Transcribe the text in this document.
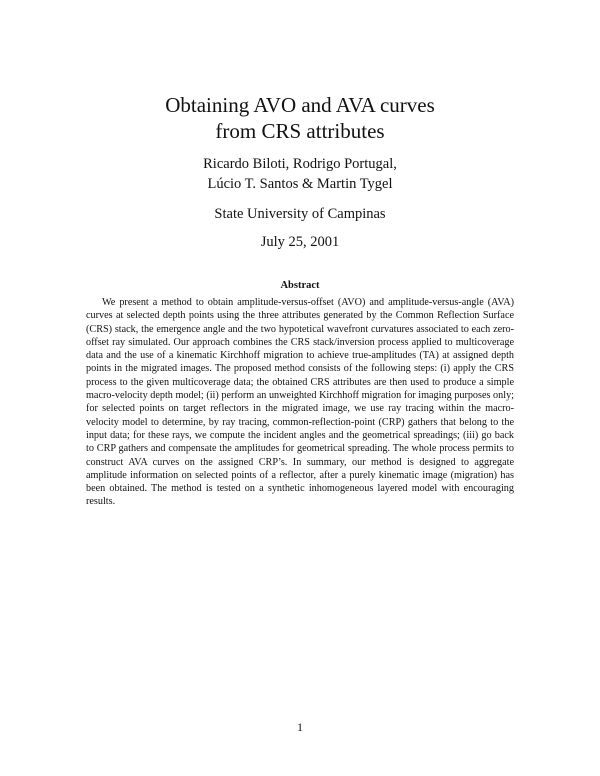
Obtaining AVO and AVA curves
from CRS attributes
Ricardo Biloti, Rodrigo Portugal,
Lúcio T. Santos & Martin Tygel
State University of Campinas
July 25, 2001
Abstract

We present a method to obtain amplitude-versus-offset (AVO) and amplitude-versus-angle (AVA) curves at selected depth points using the three attributes generated by the Common Reflection Surface (CRS) stack, the emergence angle and the two hypotetical wavefront curvatures associated to each zero-offset ray simulated. Our approach combines the CRS stack/inversion process applied to multicoverage data and the use of a kinematic Kirchhoff migration to achieve true-amplitudes (TA) at assigned depth points in the migrated images. The proposed method consists of the following steps: (i) apply the CRS process to the given multicoverage data; the obtained CRS attributes are then used to produce a simple macro-velocity depth model; (ii) perform an unweighted Kirchhoff migration for imaging purposes only; for selected points on target reflectors in the migrated image, we use ray tracing within the macro-velocity model to determine, by ray tracing, common-reflection-point (CRP) gathers that belong to the input data; for these rays, we compute the incident angles and the geometrical spreadings; (iii) go back to CRP gathers and compensate the amplitudes for geometrical spreading. The whole process permits to construct AVA curves on the assigned CRP’s. In summary, our method is designed to aggregate amplitude information on selected points of a reflector, after a purely kinematic image (migration) has been obtained. The method is tested on a synthetic inhomogeneous layered model with encouraging results.

1
